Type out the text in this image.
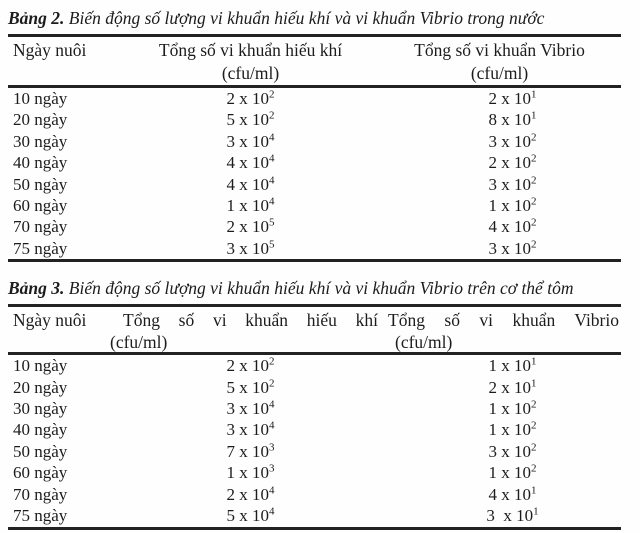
Bảng 2. Biến động số lượng vi khuẩn hiếu khí và vi khuẩn Vibrio trong nước

Ngày nuôi	Tổng số vi khuẩn hiếu khí	Tổng số vi khuẩn Vibrio
	(cfu/ml)	(cfu/ml)
10 ngày	2 x $10^2$	2 x $10^1$
20 ngày	5 x $10^2$	8 x $10^1$
30 ngày	3 x $10^4$	3 x $10^2$
40 ngày	4 x $10^4$	2 x $10^2$
50 ngày	4 x $10^4$	3 x $10^2$
60 ngày	1 x $10^4$	1 x $10^2$
70 ngày	2 x $10^5$	4 x $10^2$
75 ngày	3 x $10^5$	3 x $10^2$

Bảng 3. Biến động số lượng vi khuẩn hiếu khí và vi khuẩn Vibrio trên cơ thể tôm

Ngày nuôi	Tổng số vi khuẩn hiếu khí	Tổng số vi khuẩn Vibrio
	(cfu/ml)	(cfu/ml)
10 ngày	2 x $10^2$	1 x $10^1$
20 ngày	5 x $10^2$	2 x $10^1$
30 ngày	3 x $10^4$	1 x $10^2$
40 ngày	3 x $10^4$	1 x $10^2$
50 ngày	7 x $10^3$	3 x $10^2$
60 ngày	1 x $10^3$	1 x $10^2$
70 ngày	2 x $10^4$	4 x $10^1$
75 ngày	5 x $10^4$	3  x $10^1$
